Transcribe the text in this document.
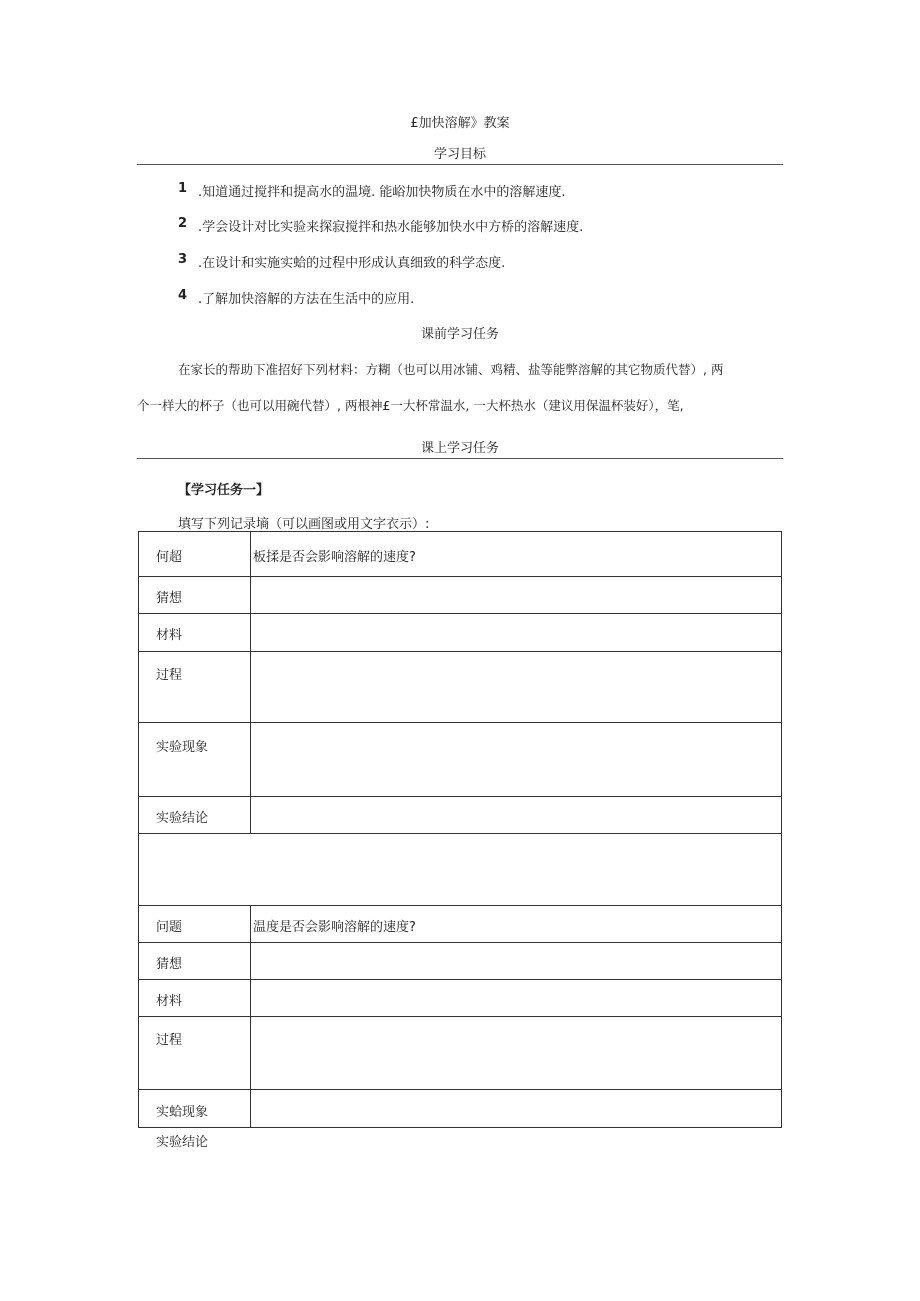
£加快溶解》教案
学习目标
1 .知道通过搅拌和提高水的温境. 能峪加快物质在水中的溶解速度.
2 .学会设计对比实验来探寂搅拌和热水能够加快水中方桥的溶解速度.
3 .在设计和实施实蛤的过程中形成认真细致的科学态度.
4 .了解加快溶解的方法在生活中的应用.
课前学习任务
在家长的帮助下准招好下列材料：方糊（也可以用冰铺、鸡精、盐等能弊溶解的其它物质代替）, 两
个一样大的杯子（也可以用碗代替）, 两根神£一大杯常温水, 一大杯热水（建议用保温杯装好），笔,
课上学习任务
【学习任务一】
填写下列记录墒（可以画图或用文字衣示）:
何超	板揉是否会影响溶解的速度?
猜想	
材料	
过程	
实验现象	
实验结论	

问题	温度是否会影响溶解的速度?
猜想	
材料	
过程	
实蛤现象	
实验结论
